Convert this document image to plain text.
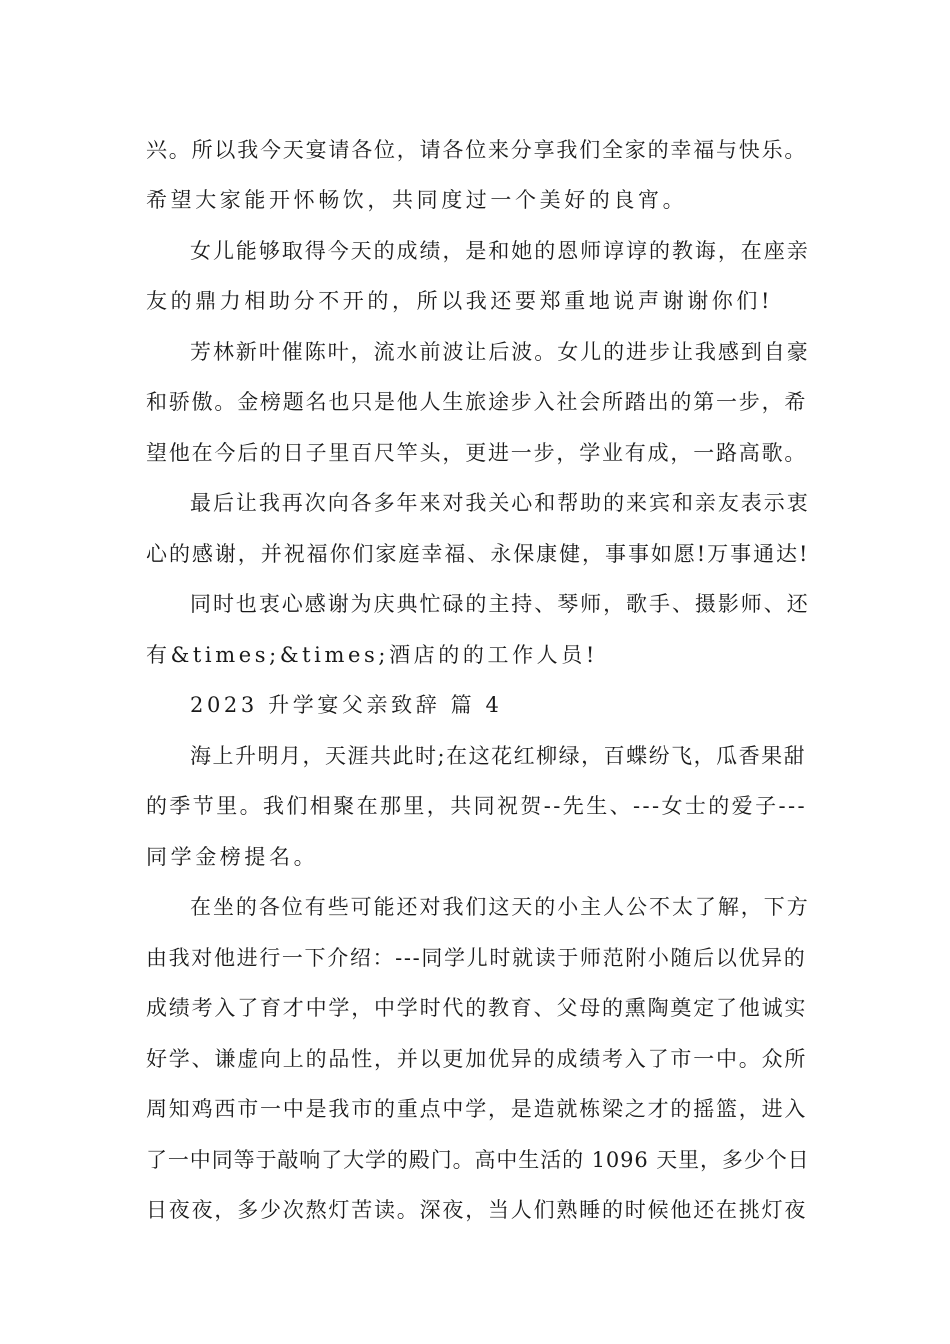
兴。所以我今天宴请各位，请各位来分享我们全家的幸福与快乐。
希望大家能开怀畅饮，共同度过一个美好的良宵。
女儿能够取得今天的成绩，是和她的恩师谆谆的教诲，在座亲
友的鼎力相助分不开的，所以我还要郑重地说声谢谢你们!
芳林新叶催陈叶，流水前波让后波。女儿的进步让我感到自豪
和骄傲。金榜题名也只是他人生旅途步入社会所踏出的第一步，希
望他在今后的日子里百尺竿头，更进一步，学业有成，一路高歌。
最后让我再次向各多年来对我关心和帮助的来宾和亲友表示衷
心的感谢，并祝福你们家庭幸福、永保康健，事事如愿!万事通达!
同时也衷心感谢为庆典忙碌的主持、琴师，歌手、摄影师、还
有&times;&times;酒店的的工作人员!
2023 升学宴父亲致辞 篇 4
海上升明月，天涯共此时;在这花红柳绿，百蝶纷飞，瓜香果甜
的季节里。我们相聚在那里，共同祝贺--先生、---女士的爱子---
同学金榜提名。
在坐的各位有些可能还对我们这天的小主人公不太了解，下方
由我对他进行一下介绍：---同学儿时就读于师范附小随后以优异的
成绩考入了育才中学，中学时代的教育、父母的熏陶奠定了他诚实
好学、谦虚向上的品性，并以更加优异的成绩考入了市一中。众所
周知鸡西市一中是我市的重点中学，是造就栋梁之才的摇篮，进入
了一中同等于敲响了大学的殿门。高中生活的 1096 天里，多少个日
日夜夜，多少次熬灯苦读。深夜，当人们熟睡的时候他还在挑灯夜
